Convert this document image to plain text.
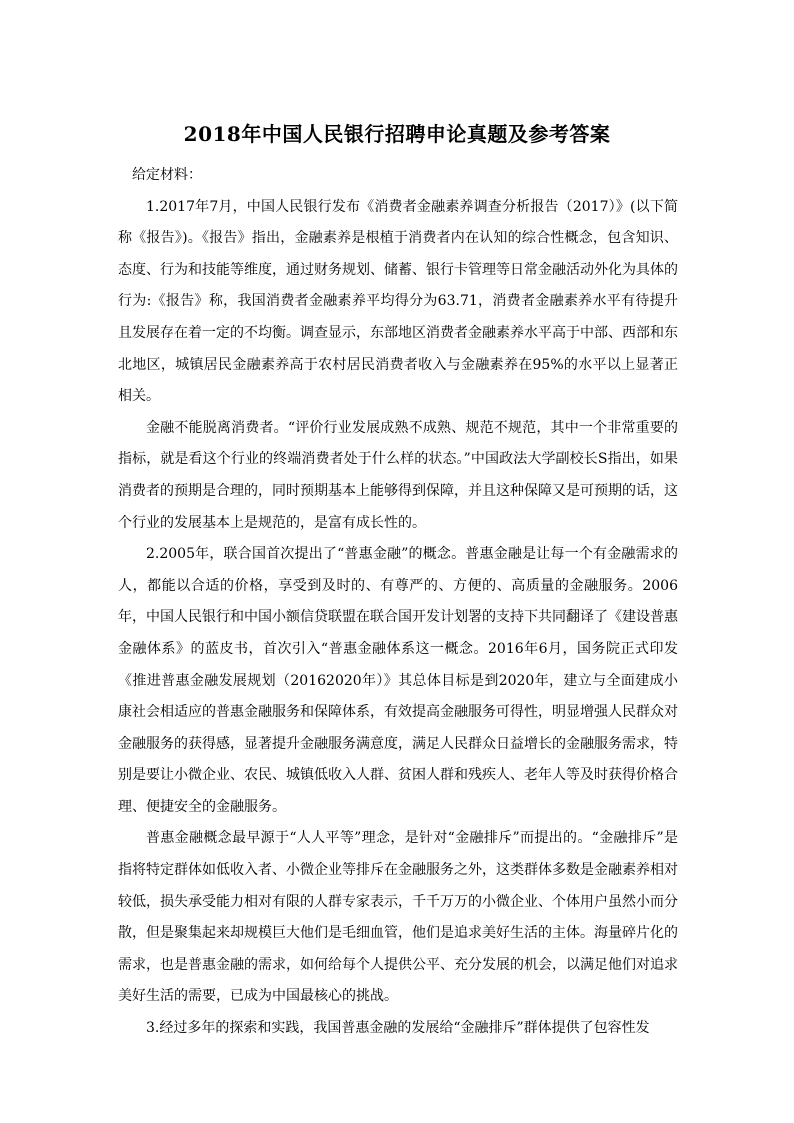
2018年中国人民银行招聘申论真题及参考答案

给定材料：

1.2017年7月，中国人民银行发布《消费者金融素养调查分析报告（2017）》(以下简称《报告》)。《报告》指出，金融素养是根植于消费者内在认知的综合性概念，包含知识、态度、行为和技能等维度，通过财务规划、储蓄、银行卡管理等日常金融活动外化为具体的行为:《报告》称，我国消费者金融素养平均得分为63.71，消费者金融素养水平有待提升且发展存在着一定的不均衡。调查显示，东部地区消费者金融素养水平高于中部、西部和东北地区，城镇居民金融素养高于农村居民消费者收入与金融素养在95%的水平以上显著正相关。

金融不能脱离消费者。“评价行业发展成熟不成熟、规范不规范，其中一个非常重要的指标，就是看这个行业的终端消费者处于什么样的状态。”中国政法大学副校长S指出，如果消费者的预期是合理的，同时预期基本上能够得到保障，并且这种保障又是可预期的话，这个行业的发展基本上是规范的，是富有成长性的。

2.2005年，联合国首次提出了“普惠金融”的概念。普惠金融是让每一个有金融需求的人，都能以合适的价格，享受到及时的、有尊严的、方便的、高质量的金融服务。2006年，中国人民银行和中国小额信贷联盟在联合国开发计划署的支持下共同翻译了《建设普惠金融体系》的蓝皮书，首次引入“普惠金融体系这一概念。2016年6月，国务院正式印发《推进普惠金融发展规划（20162020年）》其总体目标是到2020年，建立与全面建成小康社会相适应的普惠金融服务和保障体系，有效提高金融服务可得性，明显增强人民群众对金融服务的获得感，显著提升金融服务满意度，满足人民群众日益增长的金融服务需求，特别是要让小微企业、农民、城镇低收入人群、贫困人群和残疾人、老年人等及时获得价格合理、便捷安全的金融服务。

普惠金融概念最早源于“人人平等”理念，是针对“金融排斥”而提出的。“金融排斥”是指将特定群体如低收入者、小微企业等排斥在金融服务之外，这类群体多数是金融素养相对较低，损失承受能力相对有限的人群专家表示，千千万万的小微企业、个体用户虽然小而分散，但是聚集起来却规模巨大他们是毛细血管，他们是追求美好生活的主体。海量碎片化的需求，也是普惠金融的需求，如何给每个人提供公平、充分发展的机会，以满足他们对追求美好生活的需要，已成为中国最核心的挑战。

3.经过多年的探索和实践，我国普惠金融的发展给“金融排斥”群体提供了包容性发
